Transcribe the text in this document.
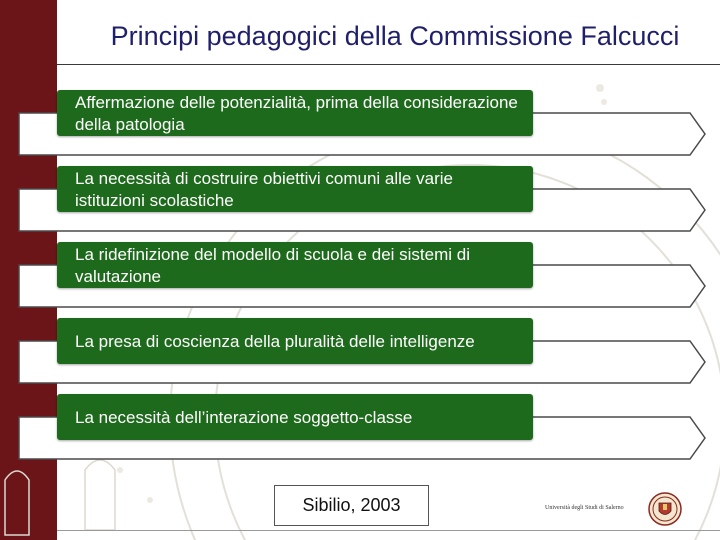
Principi pedagogici della Commissione Falcucci
Affermazione delle potenzialità, prima della considerazione della patologia
La necessità di costruire obiettivi comuni alle varie istituzioni scolastiche
La ridefinizione del modello di scuola e dei sistemi di valutazione
La presa di coscienza della pluralità delle intelligenze
La necessità dell’interazione soggetto-classe
Sibilio, 2003	Università degli Studi di Salerno
